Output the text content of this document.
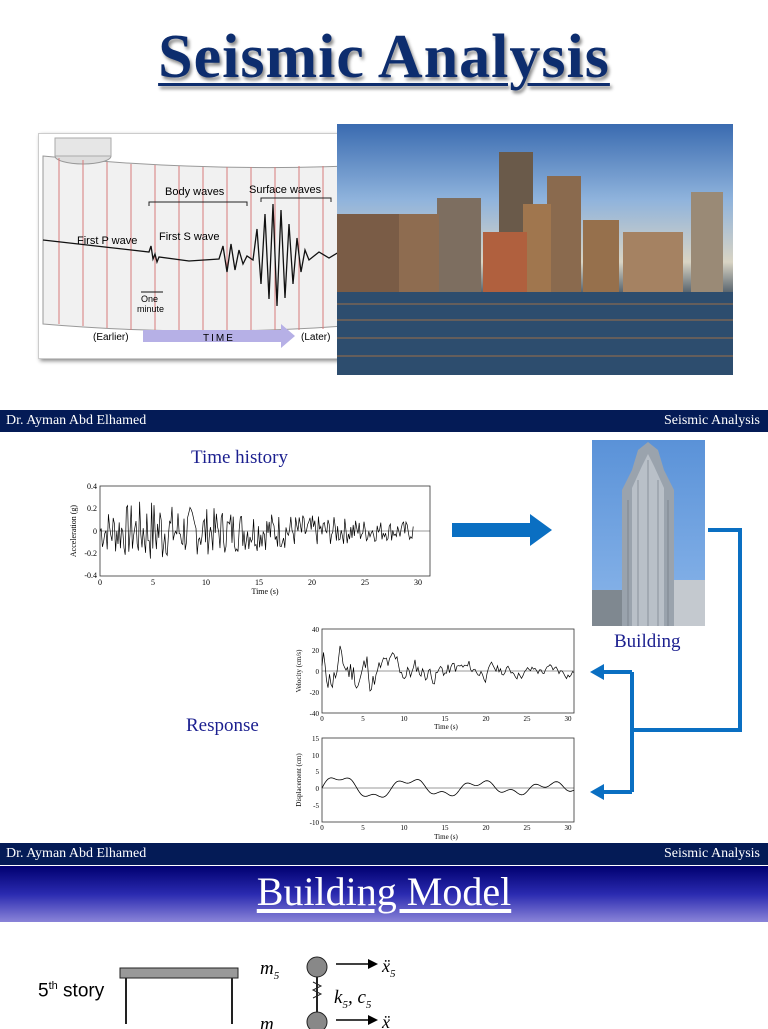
Seismic Analysis
Body waves Surface waves
First P wave First S wave
One
minute
(Earlier)	TIME	(Later)
Dr. Ayman Abd Elhamed	Seismic Analysis
Time history
0.4
0.2
0
-0.2
-0.4
0	5	10	15	20	25	30
Time (s)
Acceleration (g)
Building
Response
40
20
0
-20
-40
0	5	10	15	20	25	30
Time (s)
Velocity (cm/s)
15
10
5
0
-5
-10
0	5	10	15	20	25	30
Time (s)
Displacement (cm)
Dr. Ayman Abd Elhamed	Seismic Analysis
Building Model
5th story
$m_5$
$k_5$, $c_5$
ẍ$_5$
m	ẍ
